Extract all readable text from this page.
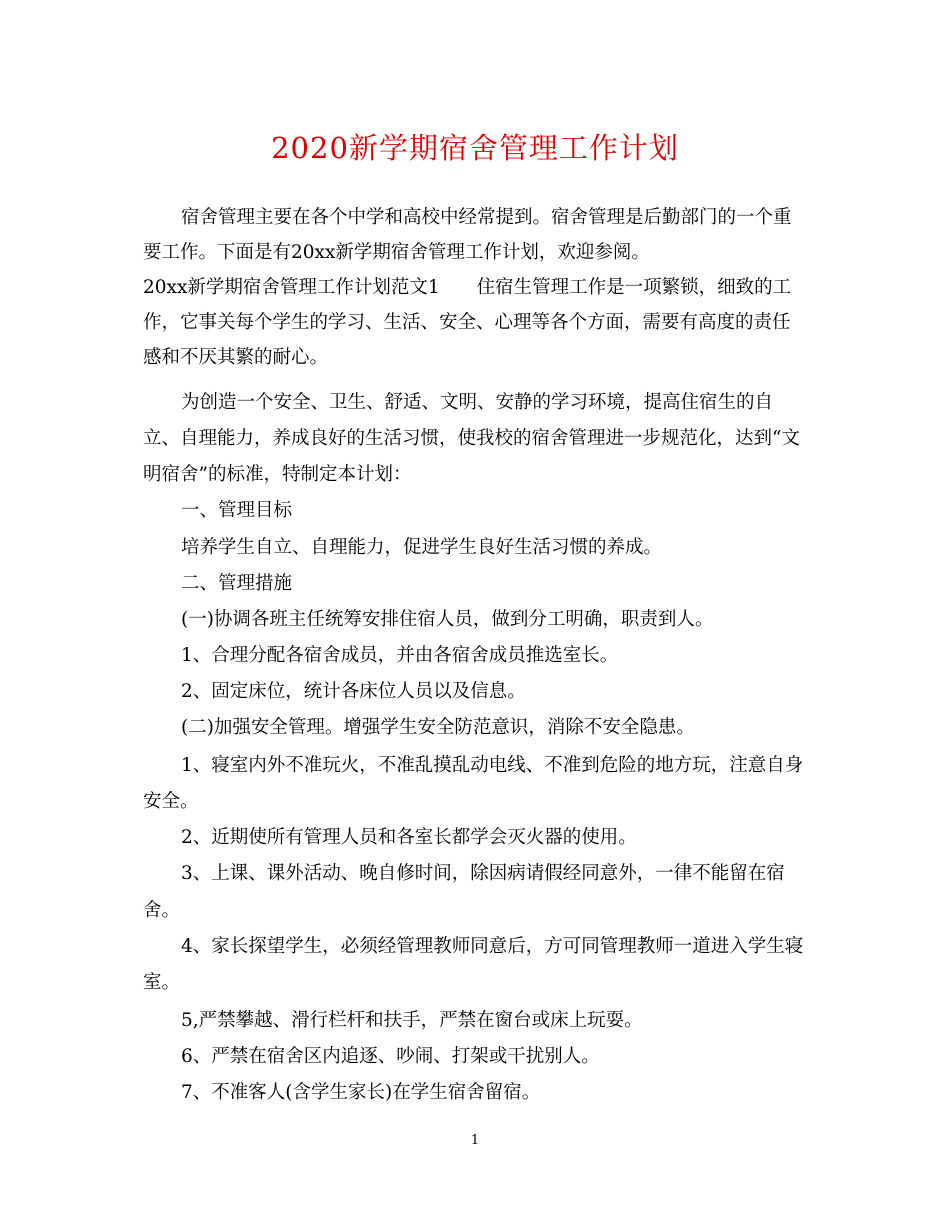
2020新学期宿舍管理工作计划
宿舍管理主要在各个中学和高校中经常提到。宿舍管理是后勤部门的一个重
要工作。下面是有20xx新学期宿舍管理工作计划，欢迎参阅。
20xx新学期宿舍管理工作计划范文1　　住宿生管理工作是一项繁锁，细致的工
作，它事关每个学生的学习、生活、安全、心理等各个方面，需要有高度的责任
感和不厌其繁的耐心。
为创造一个安全、卫生、舒适、文明、安静的学习环境，提高住宿生的自
立、自理能力，养成良好的生活习惯，使我校的宿舍管理进一步规范化，达到“文
明宿舍”的标准，特制定本计划：
一、管理目标
培养学生自立、自理能力，促进学生良好生活习惯的养成。
二、管理措施
(一)协调各班主任统筹安排住宿人员，做到分工明确，职责到人。
1、合理分配各宿舍成员，并由各宿舍成员推选室长。
2、固定床位，统计各床位人员以及信息。
(二)加强安全管理。增强学生安全防范意识，消除不安全隐患。
1、寝室内外不准玩火，不准乱摸乱动电线、不准到危险的地方玩，注意自身
安全。
2、近期使所有管理人员和各室长都学会灭火器的使用。
3、上课、课外活动、晚自修时间，除因病请假经同意外，一律不能留在宿
舍。
4、家长探望学生，必须经管理教师同意后，方可同管理教师一道进入学生寝
室。
5,严禁攀越、滑行栏杆和扶手，严禁在窗台或床上玩耍。
6、严禁在宿舍区内追逐、吵闹、打架或干扰别人。
7、不准客人(含学生家长)在学生宿舍留宿。
1
